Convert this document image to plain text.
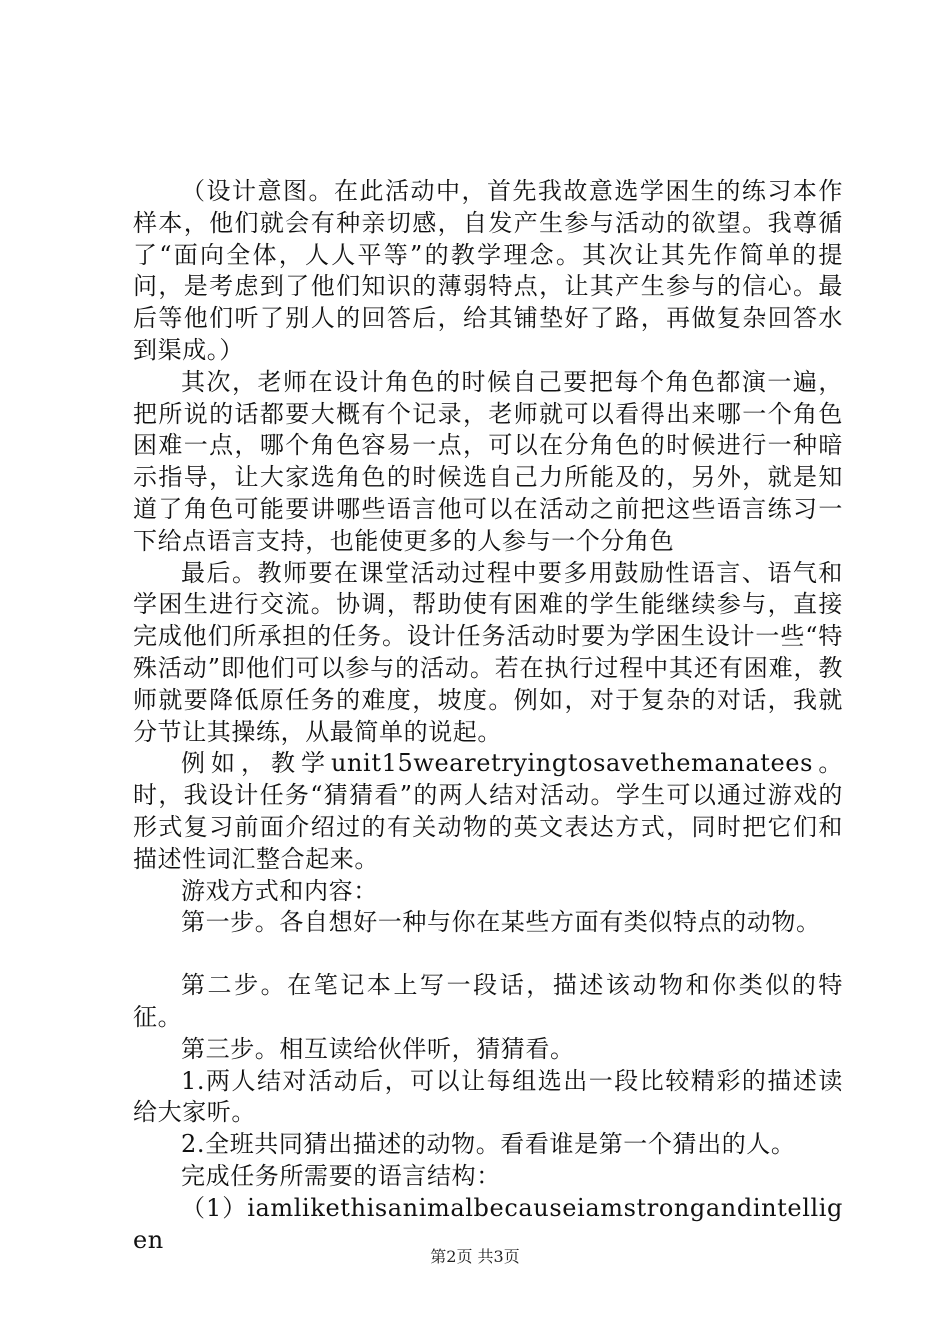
（设计意图。在此活动中，首先我故意选学困生的练习本作样本，他们就会有种亲切感，自发产生参与活动的欲望。我尊循了“面向全体，人人平等”的教学理念。其次让其先作简单的提问，是考虑到了他们知识的薄弱特点，让其产生参与的信心。最后等他们听了别人的回答后，给其铺垫好了路，再做复杂回答水到渠成。）

其次，老师在设计角色的时候自己要把每个角色都演一遍，把所说的话都要大概有个记录，老师就可以看得出来哪一个角色困难一点，哪个角色容易一点，可以在分角色的时候进行一种暗示指导，让大家选角色的时候选自己力所能及的，另外，就是知道了角色可能要讲哪些语言他可以在活动之前把这些语言练习一下给点语言支持，也能使更多的人参与一个分角色

最后。教师要在课堂活动过程中要多用鼓励性语言、语气和学困生进行交流。协调，帮助使有困难的学生能继续参与，直接完成他们所承担的任务。设计任务活动时要为学困生设计一些“特殊活动”即他们可以参与的活动。若在执行过程中其还有困难，教师就要降低原任务的难度，坡度。例如，对于复杂的对话，我就分节让其操练，从最简单的说起。

例如，教学unit15wearetryingtosavethemanatees。时，我设计任务“猜猜看”的两人结对活动。学生可以通过游戏的形式复习前面介绍过的有关动物的英文表达方式，同时把它们和描述性词汇整合起来。

游戏方式和内容：

第一步。各自想好一种与你在某些方面有类似特点的动物。

第二步。在笔记本上写一段话，描述该动物和你类似的特征。

第三步。相互读给伙伴听，猜猜看。

1.两人结对活动后，可以让每组选出一段比较精彩的描述读给大家听。

2.全班共同猜出描述的动物。看看谁是第一个猜出的人。

完成任务所需要的语言结构：

（1）iamlikethisanimalbecauseiamstrongandintelligen

第2页 共3页
